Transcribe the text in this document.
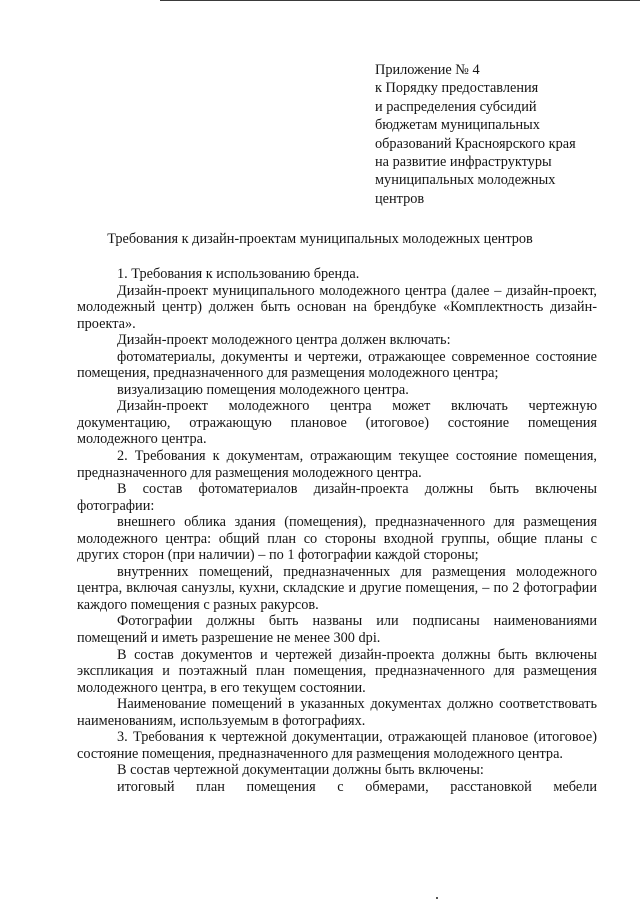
Приложение № 4
к Порядку предоставления
и распределения субсидий
бюджетам муниципальных
образований Красноярского края
на развитие инфраструктуры
муниципальных молодежных
центров
Требования к дизайн-проектам муниципальных молодежных центров

1. Требования к использованию бренда.

Дизайн-проект муниципального молодежного центра (далее – дизайн-проект, молодежный центр) должен быть основан на брендбуке «Комплектность дизайн-проекта».

Дизайн-проект молодежного центра должен включать:

фотоматериалы, документы и чертежи, отражающее современное состояние помещения, предназначенного для размещения молодежного центра;

визуализацию помещения молодежного центра.

Дизайн-проект молодежного центра может включать чертежную документацию, отражающую плановое (итоговое) состояние помещения молодежного центра.

2. Требования к документам, отражающим текущее состояние помещения, предназначенного для размещения молодежного центра.

В состав фотоматериалов дизайн-проекта должны быть включены фотографии:

внешнего облика здания (помещения), предназначенного для размещения молодежного центра: общий план со стороны входной группы, общие планы с других сторон (при наличии) – по 1 фотографии каждой стороны;

внутренних помещений, предназначенных для размещения молодежного центра, включая санузлы, кухни, складские и другие помещения, – по 2 фотографии каждого помещения с разных ракурсов.

Фотографии должны быть названы или подписаны наименованиями помещений и иметь разрешение не менее 300 dpi.

В состав документов и чертежей дизайн-проекта должны быть включены экспликация и поэтажный план помещения, предназначенного для размещения молодежного центра, в его текущем состоянии.

Наименование помещений в указанных документах должно соответствовать наименованиям, используемым в фотографиях.

3. Требования к чертежной документации, отражающей плановое (итоговое) состояние помещения, предназначенного для размещения молодежного центра.

В состав чертежной документации должны быть включены:

итоговый план помещения с обмерами, расстановкой мебели
